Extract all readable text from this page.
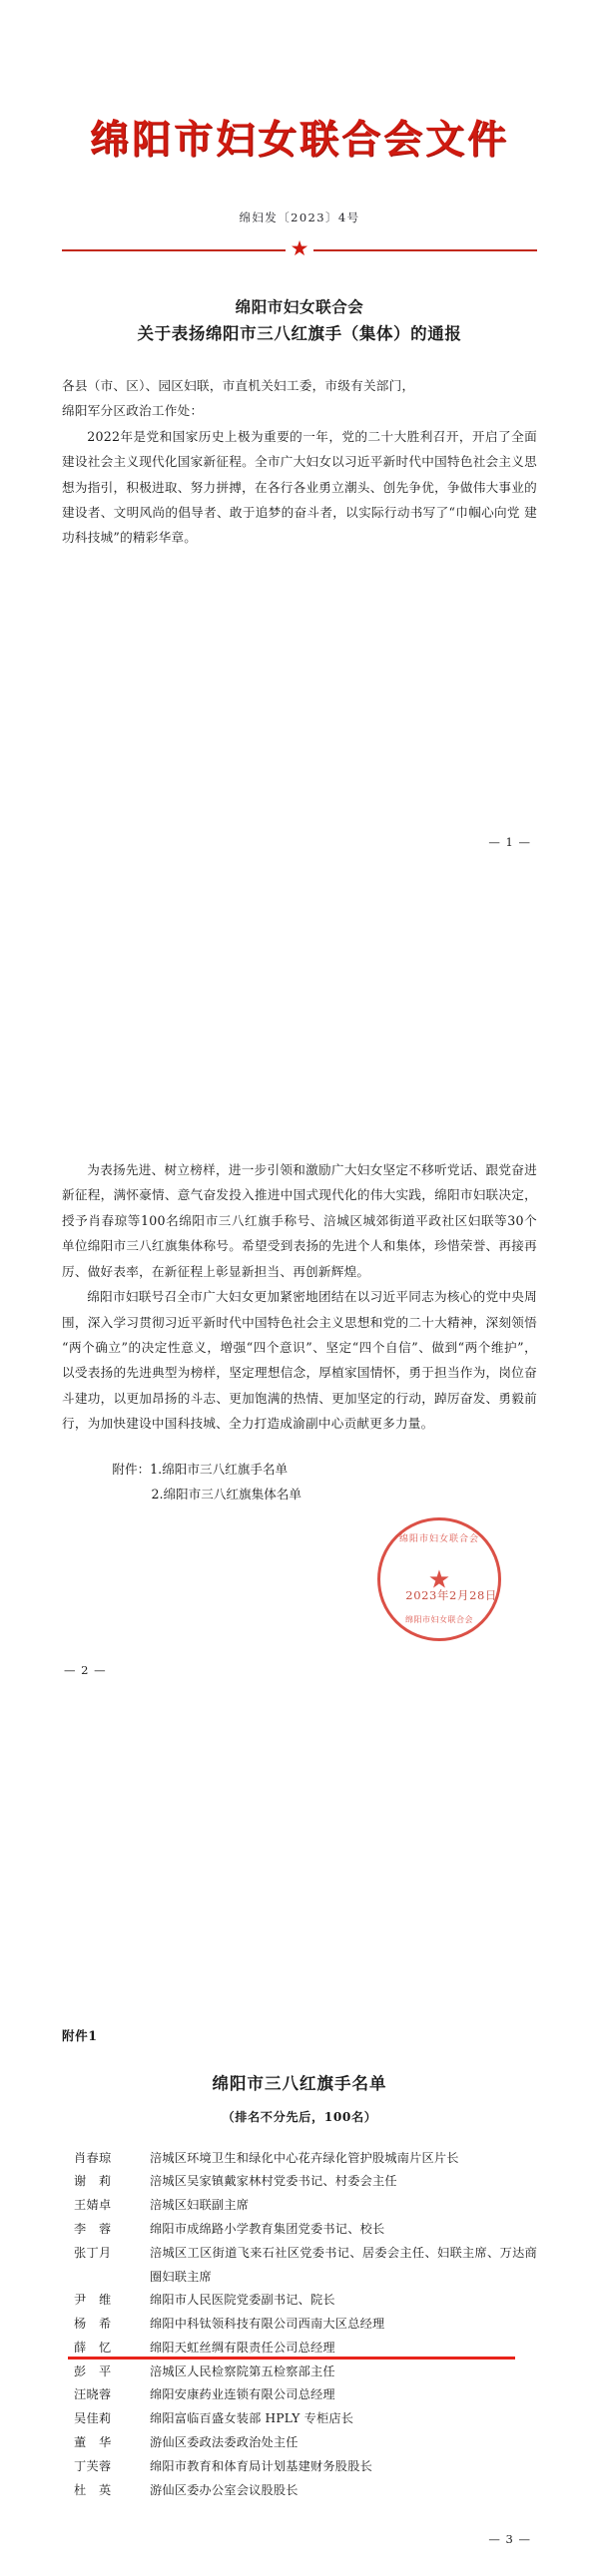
绵阳市妇女联合会文件
绵妇发〔2023〕4号
★
绵阳市妇女联合会
关于表扬绵阳市三八红旗手（集体）的通报

各县（市、区）、园区妇联，市直机关妇工委，市级有关部门，

绵阳军分区政治工作处：

2022年是党和国家历史上极为重要的一年，党的二十大胜利召开，开启了全面建设社会主义现代化国家新征程。全市广大妇女以习近平新时代中国特色社会主义思想为指引，积极进取、努力拼搏，在各行各业勇立潮头、创先争优，争做伟大事业的建设者、文明风尚的倡导者、敢于追梦的奋斗者，以实际行动书写了“巾帼心向党 建功科技城”的精彩华章。

— 1 —

为表扬先进、树立榜样，进一步引领和激励广大妇女坚定不移听党话、跟党奋进新征程，满怀豪情、意气奋发投入推进中国式现代化的伟大实践，绵阳市妇联决定，授予肖春琼等100名绵阳市三八红旗手称号、涪城区城郊街道平政社区妇联等30个单位绵阳市三八红旗集体称号。希望受到表扬的先进个人和集体，珍惜荣誉、再接再厉、做好表率，在新征程上彰显新担当、再创新辉煌。

绵阳市妇联号召全市广大妇女更加紧密地团结在以习近平同志为核心的党中央周围，深入学习贯彻习近平新时代中国特色社会主义思想和党的二十大精神，深刻领悟“两个确立”的决定性意义，增强“四个意识”、坚定“四个自信”、做到“两个维护”，以受表扬的先进典型为榜样，坚定理想信念，厚植家国情怀，勇于担当作为，岗位奋斗建功，以更加昂扬的斗志、更加饱满的热情、更加坚定的行动，踔厉奋发、勇毅前行，为加快建设中国科技城、全力打造成渝副中心贡献更多力量。

附件：1.绵阳市三八红旗手名单
2.绵阳市三八红旗集体名单
绵阳市妇女联合会
★
绵阳市妇女联合会
2023年2月28日
— 2 —
附件1
绵阳市三八红旗手名单
（排名不分先后，100名）
肖春琼	涪城区环境卫生和绿化中心花卉绿化管护股城南片区片长
谢　莉	涪城区吴家镇戴家林村党委书记、村委会主任
王婧卓	涪城区妇联副主席
李　蓉	绵阳市成绵路小学教育集团党委书记、校长
张丁月	涪城区工区街道飞来石社区党委书记、居委会主任、妇联主席、万达商圈妇联主席
尹　维	绵阳市人民医院党委副书记、院长
杨　希	绵阳中科钛领科技有限公司西南大区总经理
薛　忆	绵阳天虹丝绸有限责任公司总经理
彭　平	涪城区人民检察院第五检察部主任
汪晓蓉	绵阳安康药业连锁有限公司总经理
吴佳莉	绵阳富临百盛女装部 HPLY 专柜店长
董　华	游仙区委政法委政治处主任
丁芙蓉	绵阳市教育和体育局计划基建财务股股长
杜　英	游仙区委办公室会议股股长
— 3 —
